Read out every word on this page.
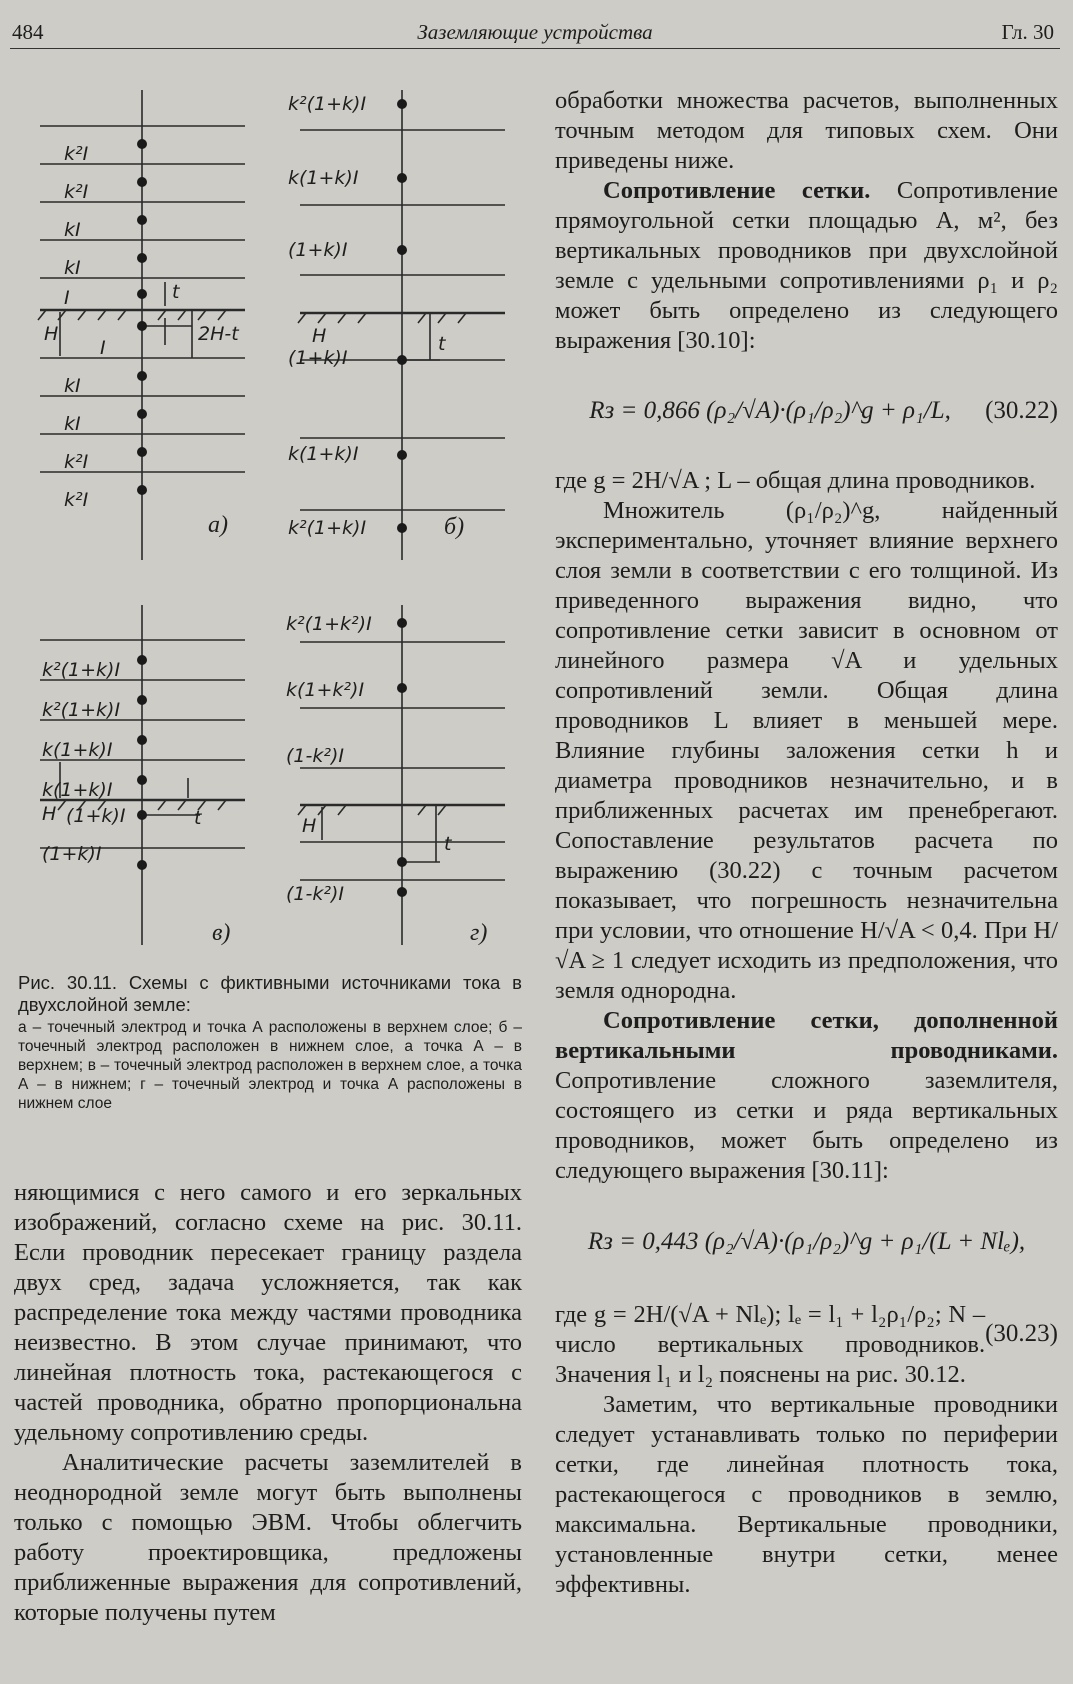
484	Заземляющие устройства	Гл. 30
k²I
k²I
kI
kI
I
I
kI
kI
k²I
k²I
t
H	2H-t
а)
k²(1+k)I
k(1+k)I
(1+k)I
(1+k)I
k(1+k)I
k²(1+k)I
t
H
б)
k²(1+k)I
k²(1+k)I
k(1+k)I
k(1+k)I
(1+k)I
(1+k)I
t
H
в)
k²(1+k²)I
k(1+k²)I
(1-k²)I
(1-k²)I
t
H
г)

Рис. 30.11. Схемы с фиктивными источниками тока в двухслойной земле:

а – точечный электрод и точка А расположены в верхнем слое; б – точечный электрод расположен в нижнем слое, а точка А – в верхнем; в – точечный электрод расположен в верхнем слое, а точка А – в нижнем; г – точечный электрод и точка А расположены в нижнем слое

обработки множества расчетов, выполненных точным методом для типовых схем. Они приведены ниже.

Сопротивление сетки. Сопротивление прямоугольной сетки площадью A, м², без вертикальных проводников при двухслойной земле с удельными сопротивлениями ρ₁ и ρ₂ может быть определено из следующего выражения [30.10]:

Rз = 0,866 (ρ₂/√A)·(ρ₁/ρ₂)^g + ρ₁/L, (30.22)

где g = 2H/√A ; L – общая длина проводников.

Множитель (ρ₁/ρ₂)^g, найденный экспериментально, уточняет влияние верхнего слоя земли в соответствии с его толщиной. Из приведенного выражения видно, что сопротивление сетки зависит в основном от линейного размера √A и удельных сопротивлений земли. Общая длина проводников L влияет в меньшей мере. Влияние глубины заложения сетки h и диаметра проводников незначительно, и в приближенных расчетах им пренебрегают. Сопоставление результатов расчета по выражению (30.22) с точным расчетом показывает, что погрешность незначительна при условии, что отношение H/√A < 0,4. При H/√A ≥ 1 следует исходить из предположения, что земля однородна.

Сопротивление сетки, дополненной вертикальными проводниками. Сопротивление сложного заземлителя, состоящего из сетки и ряда вертикальных проводников, может быть определено из следующего выражения [30.11]:

Rз = 0,443 (ρ₂/√A)·(ρ₁/ρ₂)^g + ρ₁/(L + Nlₑ),
(30.23)

где g = 2H/(√A + Nlₑ); lₑ = l₁ + l₂ρ₁/ρ₂; N – число вертикальных проводников. Значения l₁ и l₂ пояснены на рис. 30.12.

Заметим, что вертикальные проводники следует устанавливать только по периферии сетки, где линейная плотность тока, растекающегося с проводников в землю, максимальна. Вертикальные проводники, установленные внутри сетки, менее эффективны.

няющимися с него самого и его зеркальных изображений, согласно схеме на рис. 30.11. Если проводник пересекает границу раздела двух сред, задача усложняется, так как распределение тока между частями проводника неизвестно. В этом случае принимают, что линейная плотность тока, растекающегося с частей проводника, обратно пропорциональна удельному сопротивлению среды.

Аналитические расчеты заземлителей в неоднородной земле могут быть выполнены только с помощью ЭВМ. Чтобы облегчить работу проектировщика, предложены приближенные выражения для сопротивлений, которые получены путем
